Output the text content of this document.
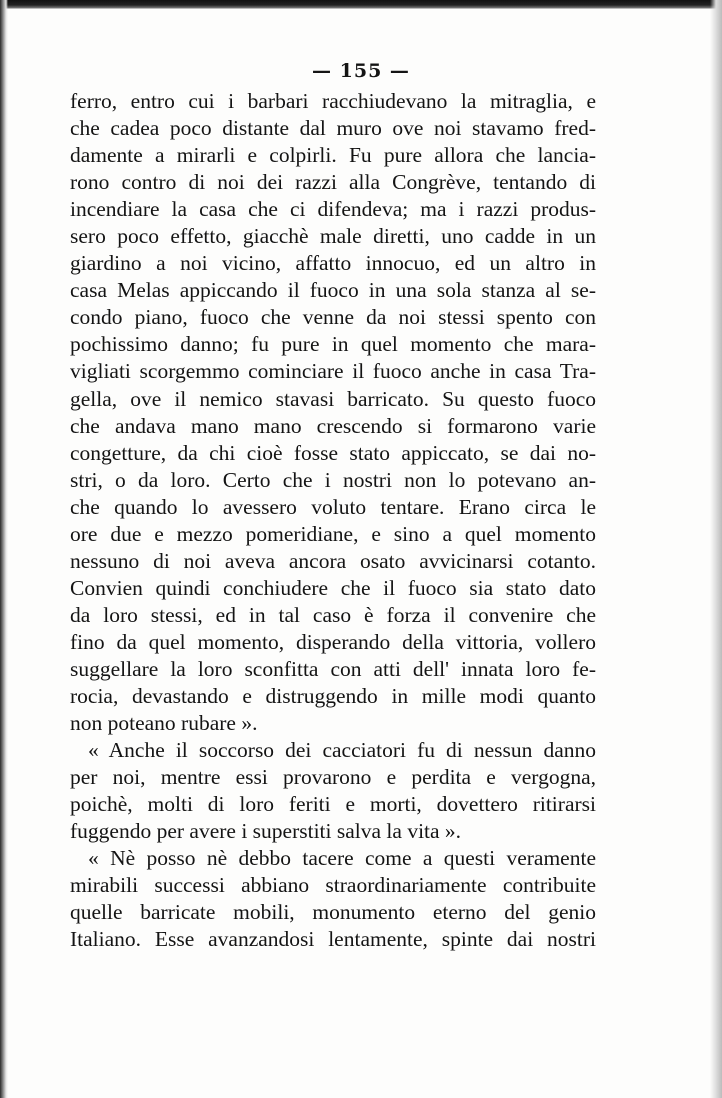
— 155 —
ferro, entro cui i barbari racchiudevano la mitraglia, e
che cadea poco distante dal muro ove noi stavamo fred-
damente a mirarli e colpirli. Fu pure allora che lancia-
rono contro di noi dei razzi alla Congrève, tentando di
incendiare la casa che ci difendeva; ma i razzi produs-
sero poco effetto, giacchè male diretti, uno cadde in un
giardino a noi vicino, affatto innocuo, ed un altro in
casa Melas appiccando il fuoco in una sola stanza al se-
condo piano, fuoco che venne da noi stessi spento con
pochissimo danno; fu pure in quel momento che mara-
vigliati scorgemmo cominciare il fuoco anche in casa Tra-
gella, ove il nemico stavasi barricato. Su questo fuoco
che andava mano mano crescendo si formarono varie
congetture, da chi cioè fosse stato appiccato, se dai no-
stri, o da loro. Certo che i nostri non lo potevano an-
che quando lo avessero voluto tentare. Erano circa le
ore due e mezzo pomeridiane, e sino a quel momento
nessuno di noi aveva ancora osato avvicinarsi cotanto.
Convien quindi conchiudere che il fuoco sia stato dato
da loro stessi, ed in tal caso è forza il convenire che
fino da quel momento, disperando della vittoria, vollero
suggellare la loro sconfitta con atti dell' innata loro fe-
rocia, devastando e distruggendo in mille modi quanto
non poteano rubare ».
« Anche il soccorso dei cacciatori fu di nessun danno
per noi, mentre essi provarono e perdita e vergogna,
poichè, molti di loro feriti e morti, dovettero ritirarsi
fuggendo per avere i superstiti salva la vita ».
« Nè posso nè debbo tacere come a questi veramente
mirabili successi abbiano straordinariamente contribuite
quelle barricate mobili, monumento eterno del genio
Italiano. Esse avanzandosi lentamente, spinte dai nostri
